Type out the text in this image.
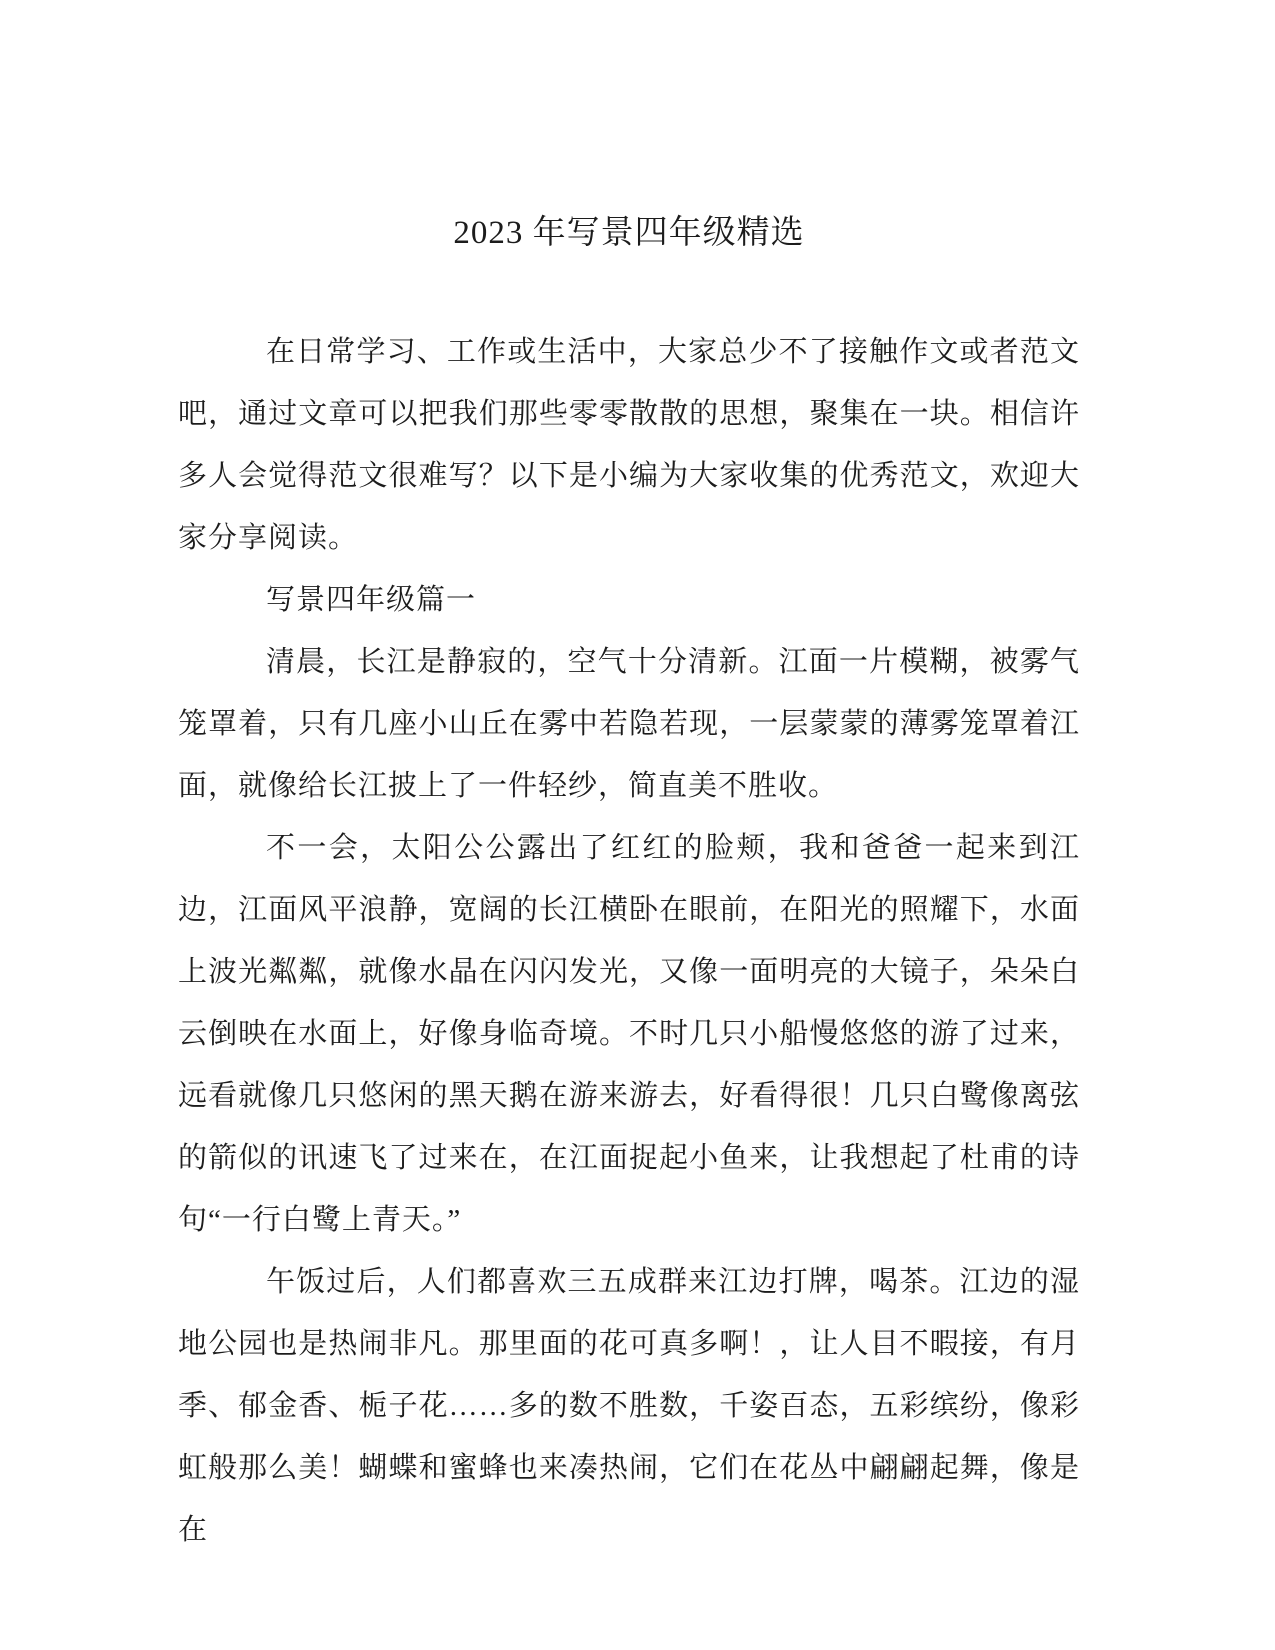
2023 年写景四年级精选

在日常学习、工作或生活中，大家总少不了接触作文或者范文吧，通过文章可以把我们那些零零散散的思想，聚集在一块。相信许多人会觉得范文很难写？以下是小编为大家收集的优秀范文，欢迎大家分享阅读。

写景四年级篇一

清晨，长江是静寂的，空气十分清新。江面一片模糊，被雾气笼罩着，只有几座小山丘在雾中若隐若现，一层蒙蒙的薄雾笼罩着江面，就像给长江披上了一件轻纱，简直美不胜收。

不一会，太阳公公露出了红红的脸颊，我和爸爸一起来到江边，江面风平浪静，宽阔的长江横卧在眼前，在阳光的照耀下，水面上波光粼粼，就像水晶在闪闪发光，又像一面明亮的大镜子，朵朵白云倒映在水面上，好像身临奇境。不时几只小船慢悠悠的游了过来，远看就像几只悠闲的黑天鹅在游来游去，好看得很！几只白鹭像离弦的箭似的讯速飞了过来在，在江面捉起小鱼来，让我想起了杜甫的诗句“一行白鹭上青天。”

午饭过后，人们都喜欢三五成群来江边打牌，喝茶。江边的湿地公园也是热闹非凡。那里面的花可真多啊！，让人目不暇接，有月季、郁金香、栀子花……多的数不胜数，千姿百态，五彩缤纷，像彩虹般那么美！蝴蝶和蜜蜂也来凑热闹，它们在花丛中翩翩起舞，像是在
